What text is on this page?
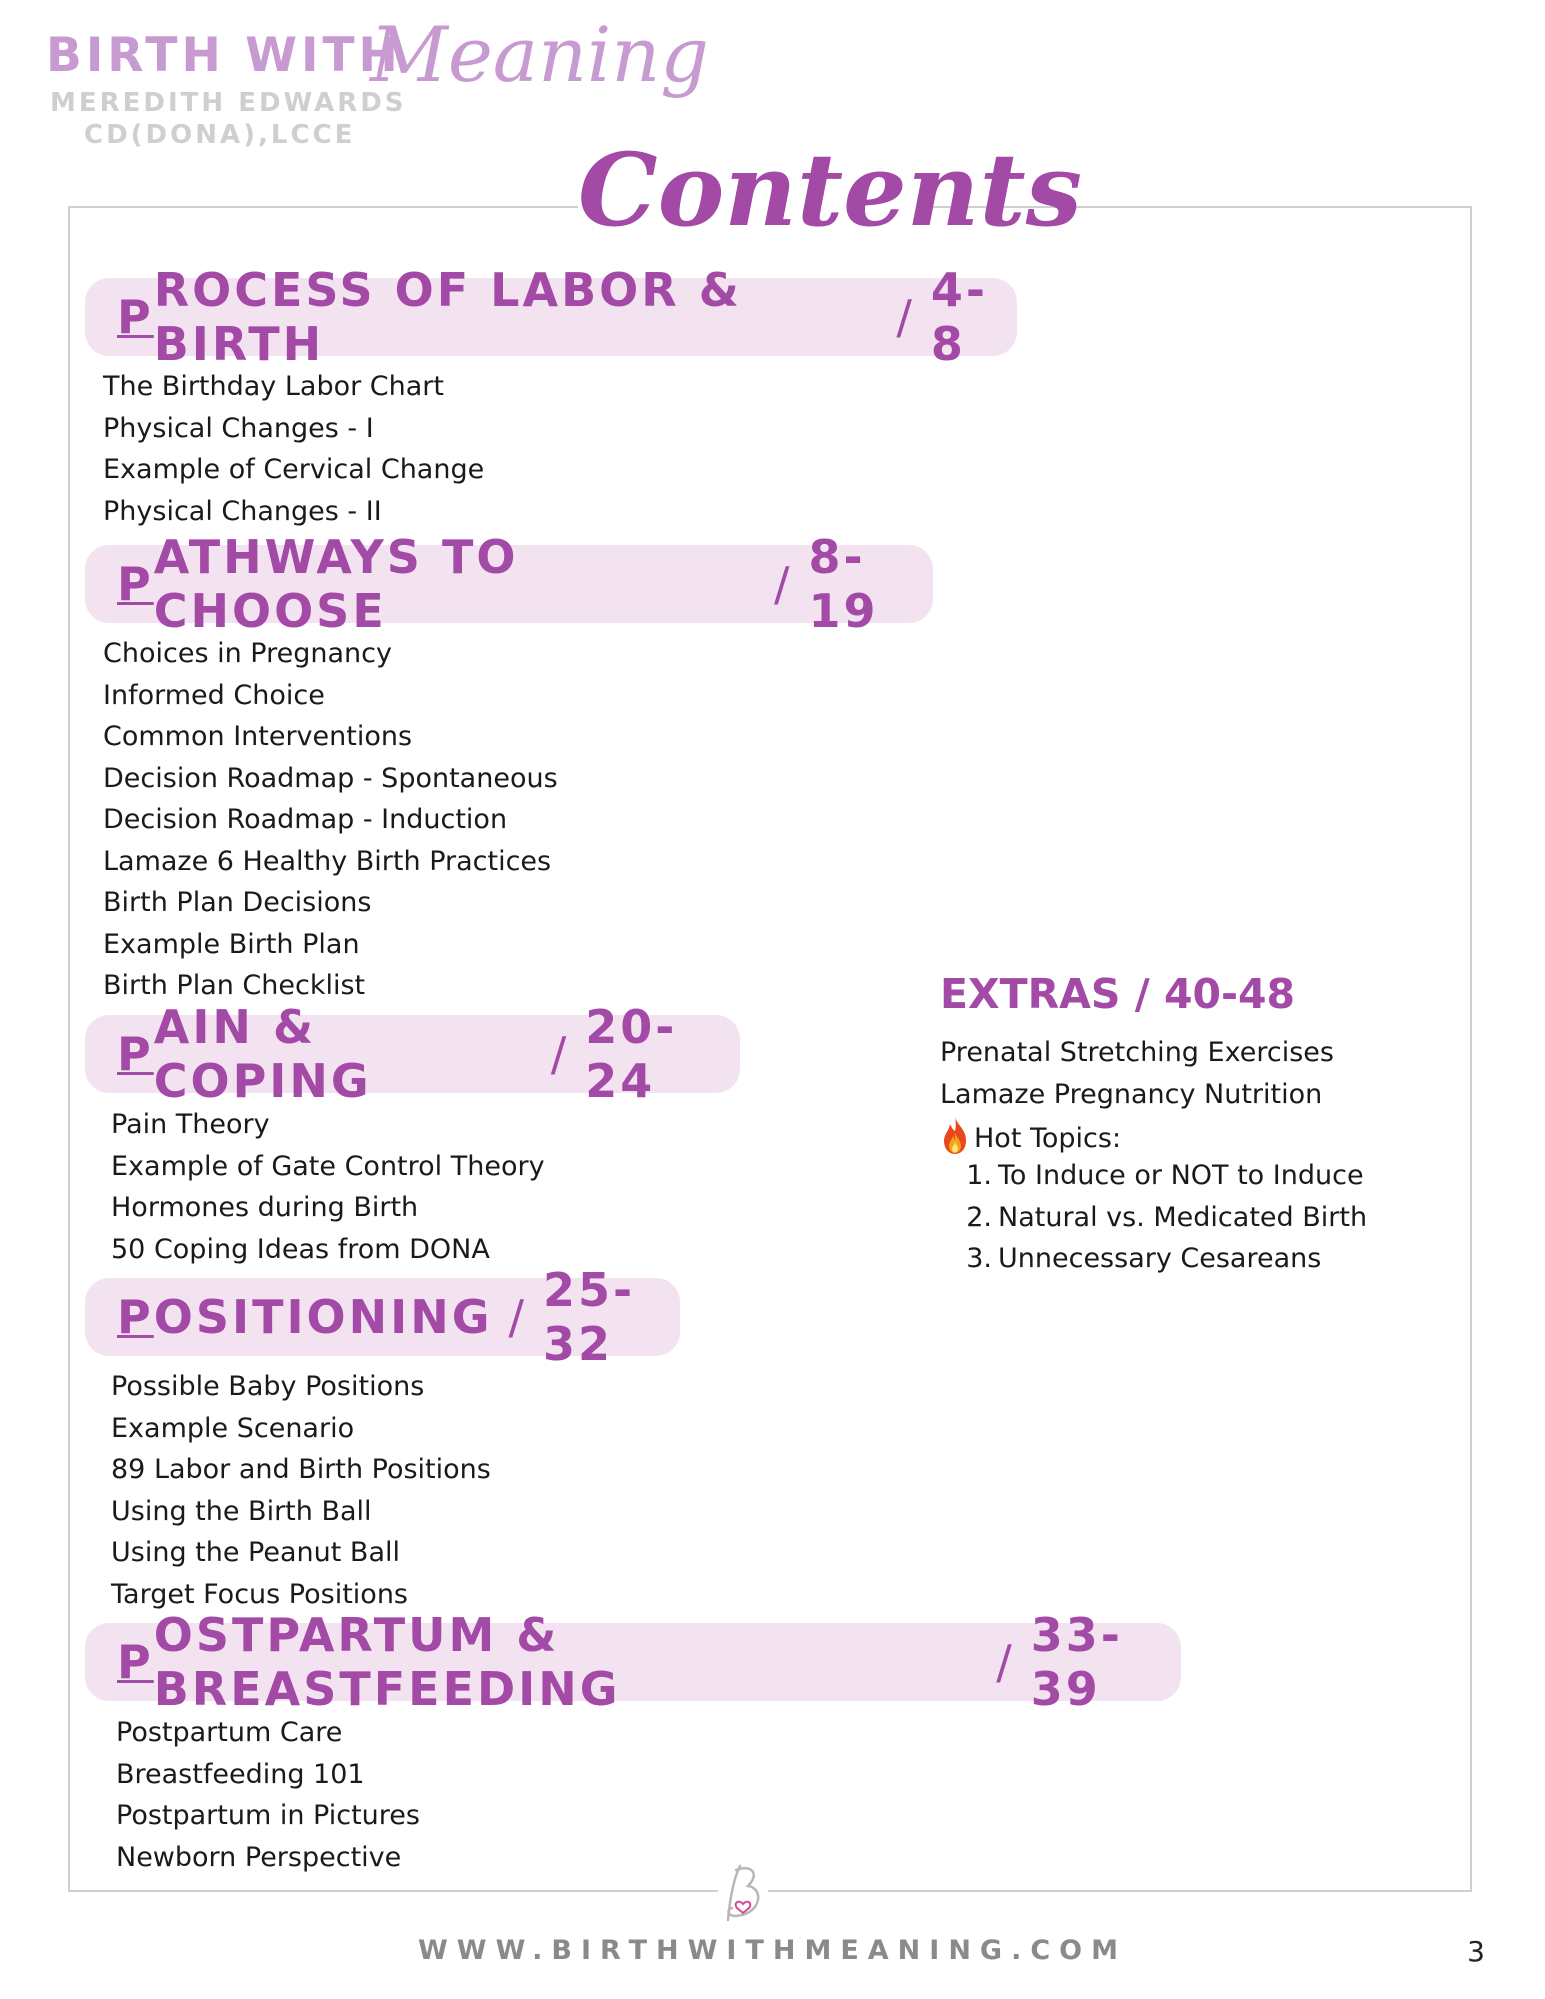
BIRTH WITH
Meaning
MEREDITH EDWARDS
CD(DONA),LCCE Contents
P ROCESS OF LABOR & BIRTH	/ 4-8
The Birthday Labor Chart
Physical Changes - I
Example of Cervical Change
Physical Changes - II
P ATHWAYS TO CHOOSE	/ 8-19
Choices in Pregnancy
Informed Choice
Common Interventions
Decision Roadmap - Spontaneous
Decision Roadmap - Induction
Lamaze 6 Healthy Birth Practices
Birth Plan Decisions
Example Birth Plan
Birth Plan Checklist
P AIN & COPING	/ 20-24
Pain Theory
Example of Gate Control Theory
Hormones during Birth
50 Coping Ideas from DONA
P OSITIONING / 25-32
Possible Baby Positions
Example Scenario
89 Labor and Birth Positions
Using the Birth Ball
Using the Peanut Ball
Target Focus Positions
P OSTPARTUM & BREASTFEEDING	/ 33-39
Postpartum Care
Breastfeeding 101
Postpartum in Pictures
Newborn Perspective
EXTRAS / 40-48
Prenatal Stretching Exercises
Lamaze Pregnancy Nutrition
Hot Topics:
1. To Induce or NOT to Induce
2. Natural vs. Medicated Birth
3. Unnecessary Cesareans
WWW.BIRTHWITHMEANING.COM	3
